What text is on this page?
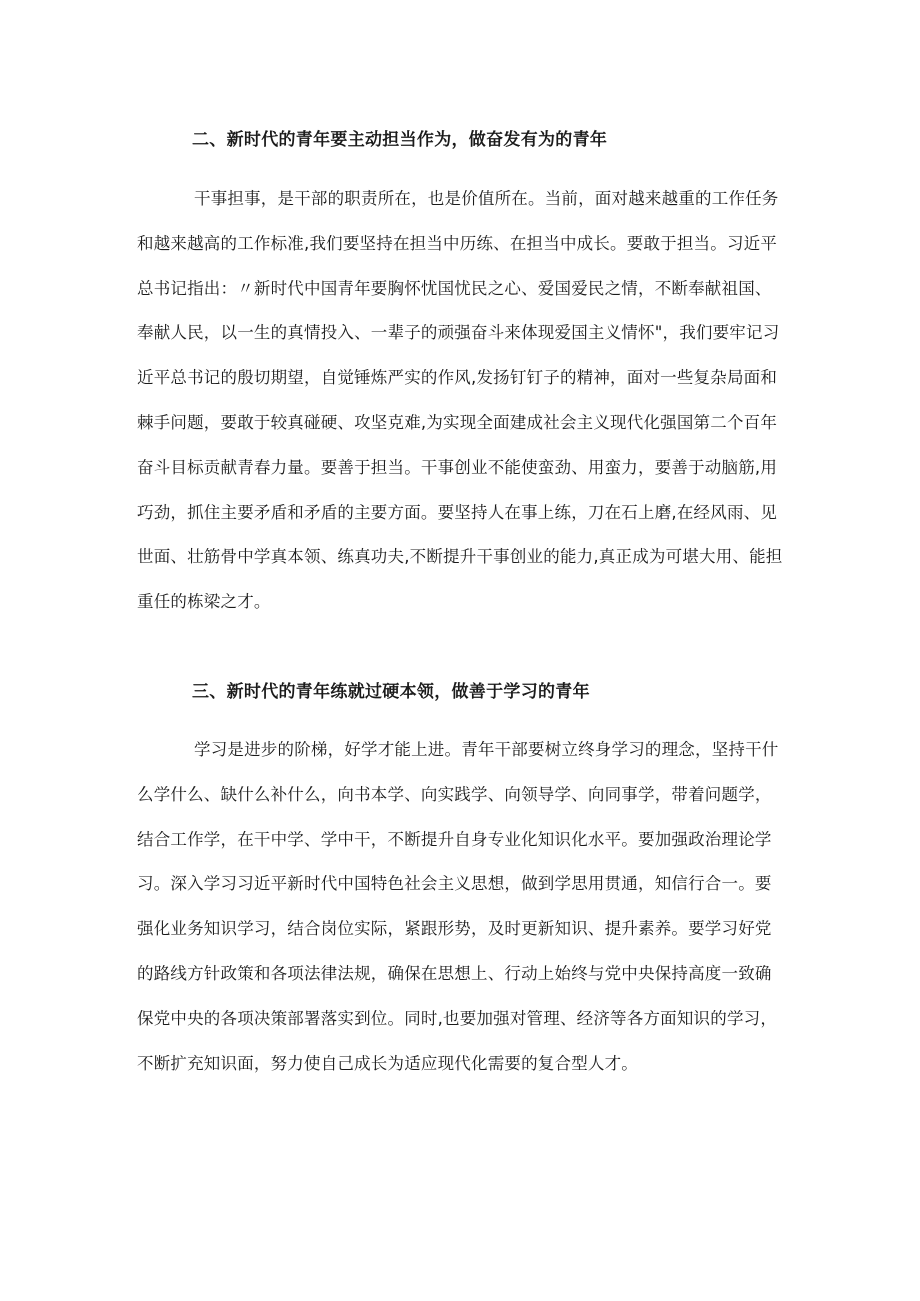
二、新时代的青年要主动担当作为，做奋发有为的青年
干事担事，是干部的职责所在，也是价值所在。当前，面对越来越重的工作任务
和越来越高的工作标准,我们要坚持在担当中历练、在担当中成长。要敢于担当。习近平
总书记指出：〃新时代中国青年要胸怀忧国忧民之心、爱国爱民之情，不断奉献祖国、
奉献人民，以一生的真情投入、一辈子的顽强奋斗来体现爱国主义情怀"，我们要牢记习
近平总书记的殷切期望，自觉锤炼严实的作风,发扬钉钉子的精神，面对一些复杂局面和
棘手问题，要敢于较真碰硬、攻坚克难,为实现全面建成社会主义现代化强国第二个百年
奋斗目标贡献青春力量。要善于担当。干事创业不能使蛮劲、用蛮力，要善于动脑筋,用
巧劲，抓住主要矛盾和矛盾的主要方面。要坚持人在事上练，刀在石上磨,在经风雨、见
世面、壮筋骨中学真本领、练真功夫,不断提升干事创业的能力,真正成为可堪大用、能担
重任的栋梁之才。
三、新时代的青年练就过硬本领，做善于学习的青年
学习是进步的阶梯，好学才能上进。青年干部要树立终身学习的理念，坚持干什
么学什么、缺什么补什么，向书本学、向实践学、向领导学、向同事学，带着问题学，
结合工作学，在干中学、学中干，不断提升自身专业化知识化水平。要加强政治理论学
习。深入学习习近平新时代中国特色社会主义思想，做到学思用贯通，知信行合一。要
强化业务知识学习，结合岗位实际，紧跟形势，及时更新知识、提升素养。要学习好党
的路线方针政策和各项法律法规，确保在思想上、行动上始终与党中央保持高度一致确
保党中央的各项决策部署落实到位。同时,也要加强对管理、经济等各方面知识的学习，
不断扩充知识面，努力使自己成长为适应现代化需要的复合型人才。
